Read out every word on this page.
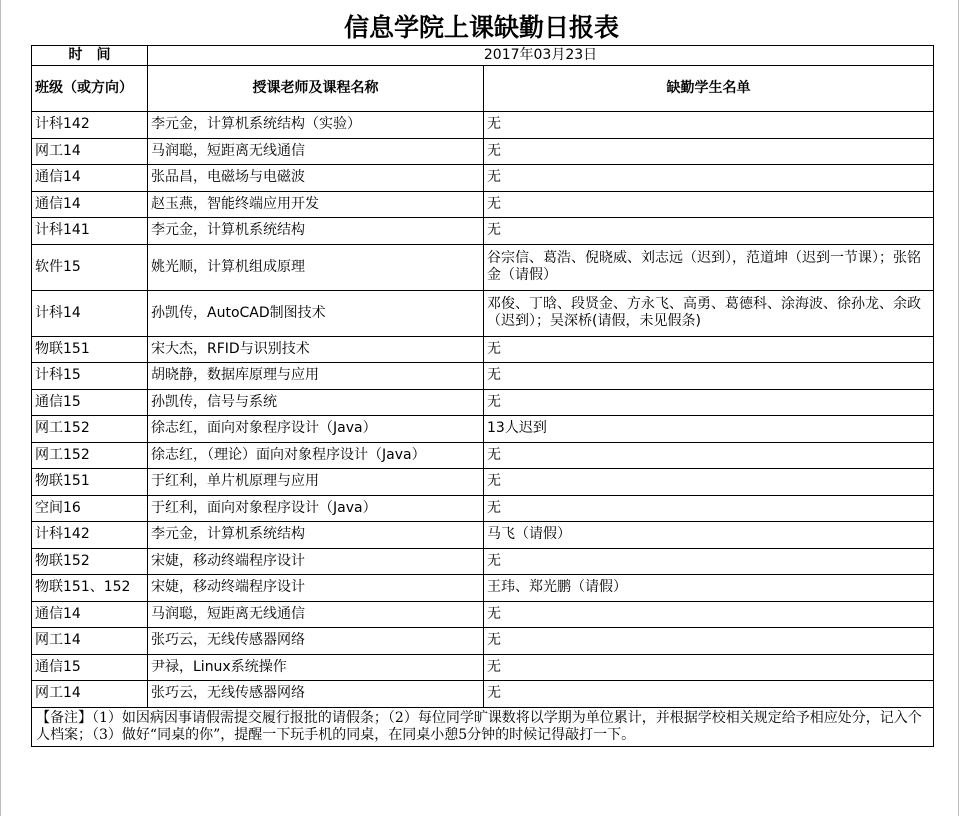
信息学院上课缺勤日报表
时　间	2017年03月23日	
班级（或方向）	授课老师及课程名称	缺勤学生名单
计科142	李元金，计算机系统结构（实验）	无
网工14	马润聪，短距离无线通信	无
通信14	张品昌，电磁场与电磁波	无
通信14	赵玉燕，智能终端应用开发	无
计科141	李元金，计算机系统结构	无
软件15	姚光顺，计算机组成原理	谷宗信、葛浩、倪晓威、刘志远（迟到），范道坤（迟到一节课）；张铭金（请假）
计科14	孙凯传，AutoCAD制图技术	邓俊、丁晗、段贤金、方永飞、高勇、葛德科、涂海波、徐孙龙、余政（迟到）；吴深桥(请假，未见假条)
物联151	宋大杰，RFID与识别技术	无
计科15	胡晓静，数据库原理与应用	无
通信15	孙凯传，信号与系统	无
网工152	徐志红，面向对象程序设计（Java）	13人迟到
网工152	徐志红，（理论）面向对象程序设计（Java）	无
物联151	于红利，单片机原理与应用	无
空间16	于红利，面向对象程序设计（Java）	无
计科142	李元金，计算机系统结构	马飞（请假）
物联152	宋婕，移动终端程序设计	无
物联151、152	宋婕，移动终端程序设计	王玮、郑光鹏（请假）
通信14	马润聪，短距离无线通信	无
网工14	张巧云，无线传感器网络	无
通信15	尹禄，Linux系统操作	无
网工14	张巧云，无线传感器网络	无
【备注】（1）如因病因事请假需提交履行报批的请假条；（2）每位同学旷课数将以学期为单位累计，并根据学校相关规定给予相应处分，记入个人档案；（3）做好“同桌的你”，提醒一下玩手机的同桌，在同桌小憩5分钟的时候记得敲打一下。		
